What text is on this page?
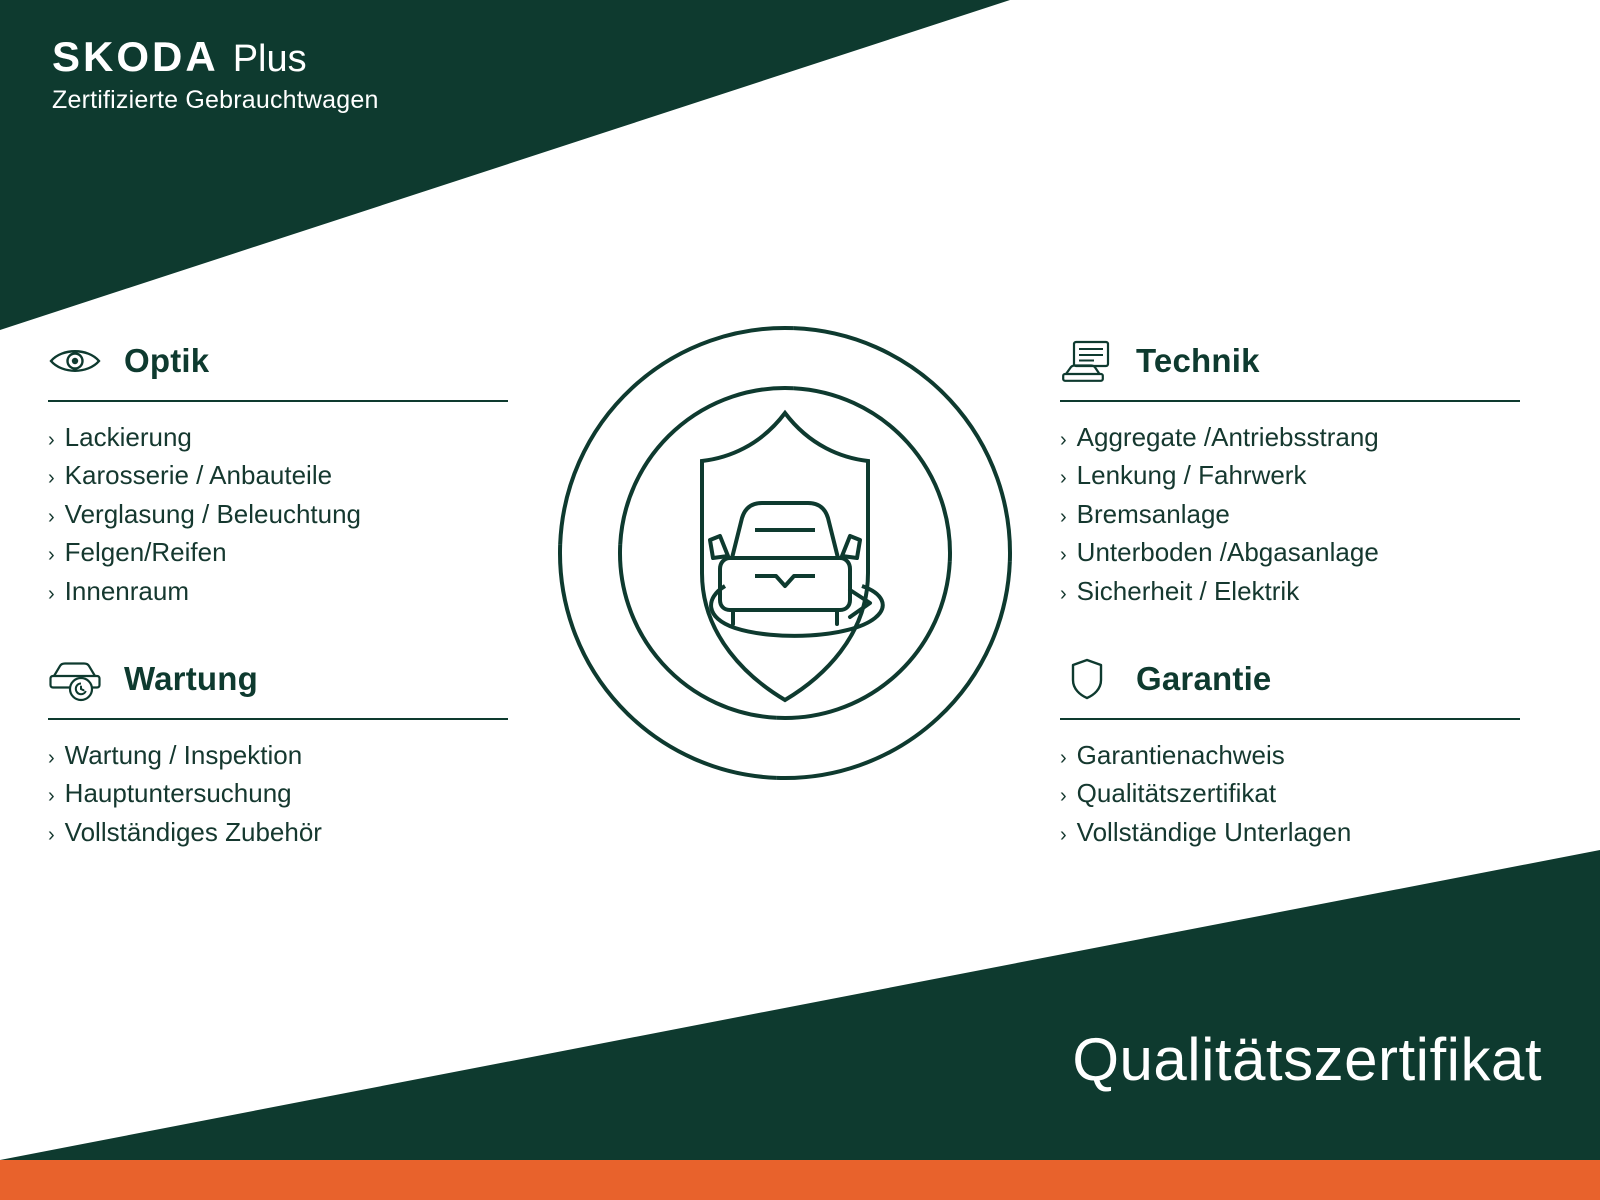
SKODA Plus
Zertifizierte Gebrauchtwagen
Optik
› Lackierung
› Karosserie / Anbauteile
› Verglasung / Beleuchtung
› Felgen/Reifen
› Innenraum
Wartung
› Wartung / Inspektion
› Hauptuntersuchung
› Vollständiges Zubehör
Technik
› Aggregate /Antriebsstrang
› Lenkung / Fahrwerk
› Bremsanlage
› Unterboden /Abgasanlage
› Sicherheit / Elektrik
Garantie
› Garantienachweis
› Qualitätszertifikat
› Vollständige Unterlagen
Qualitätszertifikat
